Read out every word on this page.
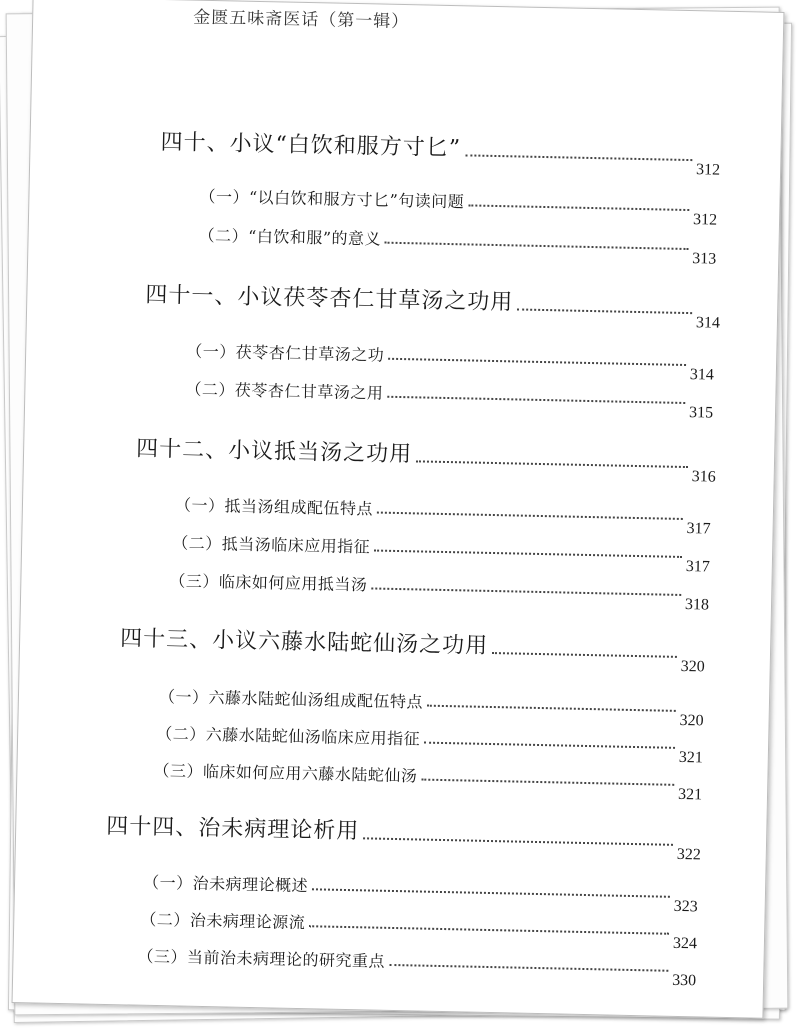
金匮五味斋医话（第一辑）
四十、小议“白饮和服方寸匕”
312
（一）“以白饮和服方寸匕”句读问题
312
（二）“白饮和服”的意义
313
四十一、小议茯苓杏仁甘草汤之功用
314
（一）茯苓杏仁甘草汤之功
314
（二）茯苓杏仁甘草汤之用
315
四十二、小议抵当汤之功用
316
（一）抵当汤组成配伍特点
317
（二）抵当汤临床应用指征
317
（三）临床如何应用抵当汤
318
四十三、小议六藤水陆蛇仙汤之功用
320
（一）六藤水陆蛇仙汤组成配伍特点
320
（二）六藤水陆蛇仙汤临床应用指征
321
（三）临床如何应用六藤水陆蛇仙汤
321
四十四、治未病理论析用
322
（一）治未病理论概述
323
（二）治未病理论源流
324
（三）当前治未病理论的研究重点
330
